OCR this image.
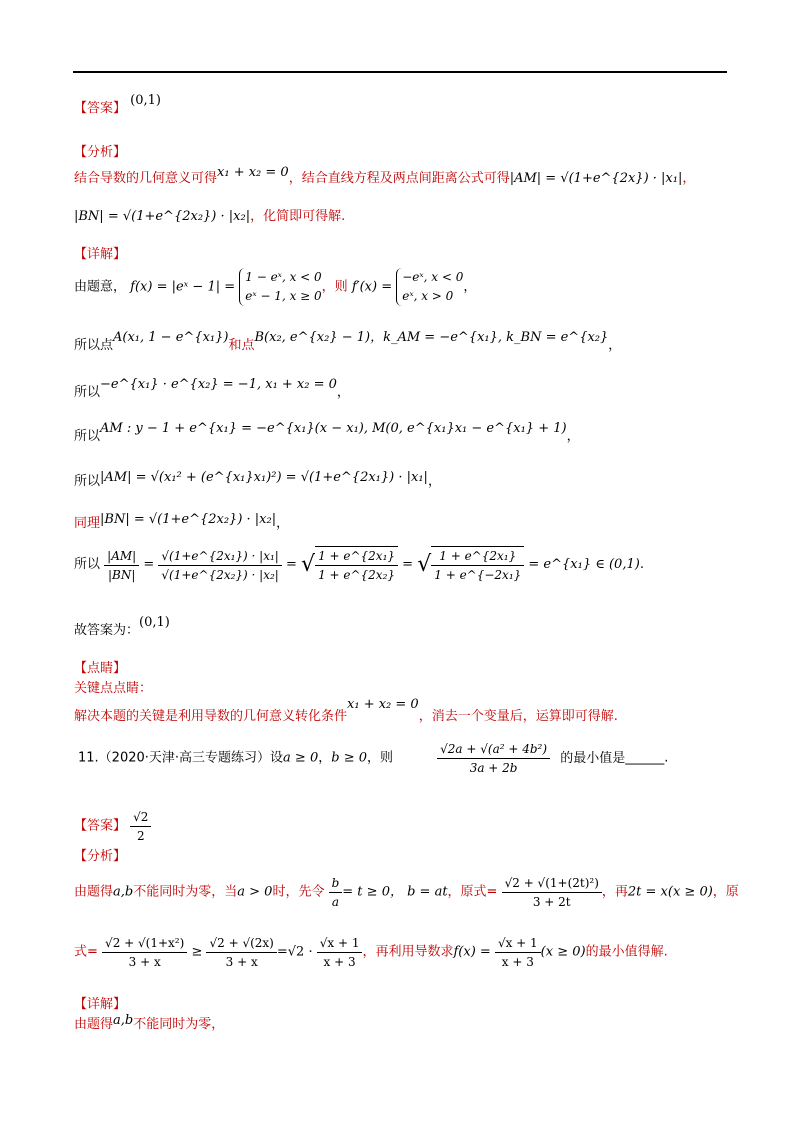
【答案】 (0,1)
【分析】
结合导数的几何意义可得x₁ + x₂ = 0，结合直线方程及两点间距离公式可得|AM| = √(1+e^{2x}) · |x₁|，
|BN| = √(1+e^{2x₂}) · |x₂|，化简即可得解.
【详解】
由题意， f(x) = |eˣ − 1| =
1 − eˣ, x < 0
eˣ − 1, x ≥ 0
，则 f′(x) =
−eˣ, x < 0
eˣ, x > 0
，
所以点A(x₁, 1 − e^{x₁})和点B(x₂, e^{x₂} − 1)，k_AM = −e^{x₁}, k_BN = e^{x₂}，
所以−e^{x₁} · e^{x₂} = −1, x₁ + x₂ = 0，
所以AM : y − 1 + e^{x₁} = −e^{x₁}(x − x₁), M(0, e^{x₁}x₁ − e^{x₁} + 1)，
所以|AM| = √(x₁² + (e^{x₁}x₁)²) = √(1+e^{2x₁}) · |x₁|，
同理|BN| = √(1+e^{2x₂}) · |x₂|，
所以 $\frac{|AM|}{|BN|} = \frac{\text{√(1+e\textasciicircum{}\{2x₁\}) · |x₁|}}{\text{√(1+e\textasciicircum{}\{2x₂\}) · |x₂|}}$ = √ $\frac{\text{1 + e\textasciicircum{}\{2x₁\}}}{\text{1 + e\textasciicircum{}\{2x₂\}}}$ = √ $\frac{\text{1 + e\textasciicircum{}\{2x₁\}}}{\text{1 + e\textasciicircum{}\{−2x₁\}}}$ = e^{x₁} ∈ (0,1).
故答案为：(0,1)
【点睛】
关键点点睛：
解决本题的关键是利用导数的几何意义转化条件x₁ + x₂ = 0，消去一个变量后，运算即可得解.
11.（2020·天津·高三专题练习）设a ≥ 0，b ≥ 0，则	$\frac{\text{√2a + √(a² + 4b²)}}{3a + 2b}$ 的最小值是______.
【答案】 $\frac{√2}{2}$
【分析】
由题得a,b不能同时为零，当a > 0时，先令 $\frac{b}{a} = t \ge 0$， b = at，原式= $\frac{\text{√2 + √(1+(2t)²)}}{3 + 2t}$ ，再2t = x(x ≥ 0)，原
式= $\frac{\text{√2 + √(1+x²)}}{3 + x} \ge \frac{√2 + √(2x)}{3 + x} =√2 \cdot \frac{√x + 1}{x + 3}$ ，再利用导数求$f(x) = \frac{√x + 1}{x + 3} (x \ge 0)$的最小值得解.
【详解】
由题得a,b不能同时为零，
